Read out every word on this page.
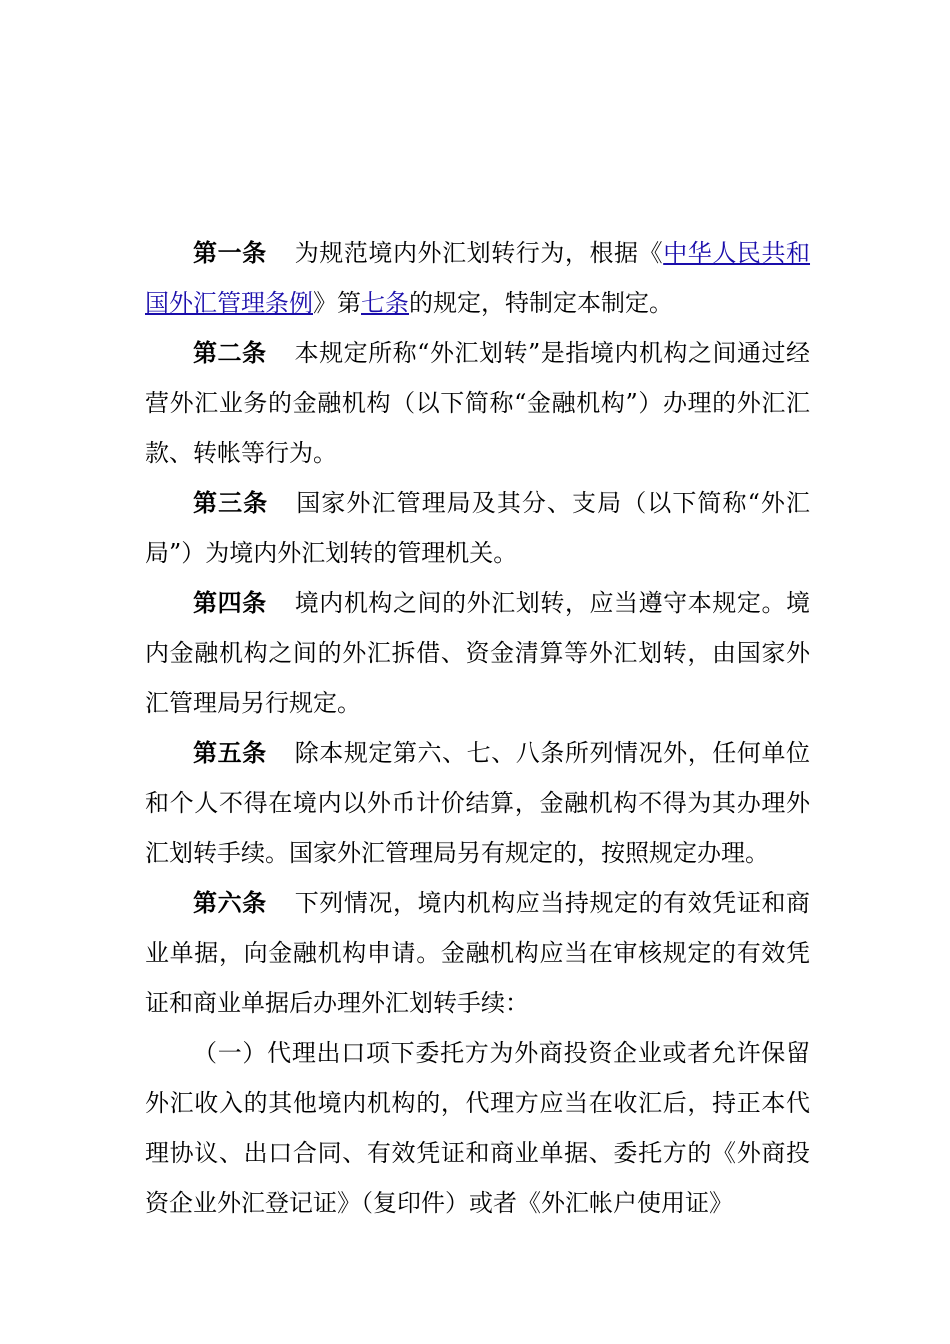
第一条 为规范境内外汇划转行为，根据《中华人民共和国外汇管理条例》第七条的规定，特制定本制定。

第二条 本规定所称“外汇划转”是指境内机构之间通过经营外汇业务的金融机构（以下简称“金融机构”）办理的外汇汇款、转帐等行为。

第三条 国家外汇管理局及其分、支局（以下简称“外汇局”）为境内外汇划转的管理机关。

第四条 境内机构之间的外汇划转，应当遵守本规定。境内金融机构之间的外汇拆借、资金清算等外汇划转，由国家外汇管理局另行规定。

第五条 除本规定第六、七、八条所列情况外，任何单位和个人不得在境内以外币计价结算，金融机构不得为其办理外汇划转手续。国家外汇管理局另有规定的，按照规定办理。

第六条 下列情况，境内机构应当持规定的有效凭证和商业单据，向金融机构申请。金融机构应当在审核规定的有效凭证和商业单据后办理外汇划转手续：

（一）代理出口项下委托方为外商投资企业或者允许保留外汇收入的其他境内机构的，代理方应当在收汇后，持正本代理协议、出口合同、有效凭证和商业单据、委托方的《外商投资企业外汇登记证》（复印件）或者《外汇帐户使用证》
